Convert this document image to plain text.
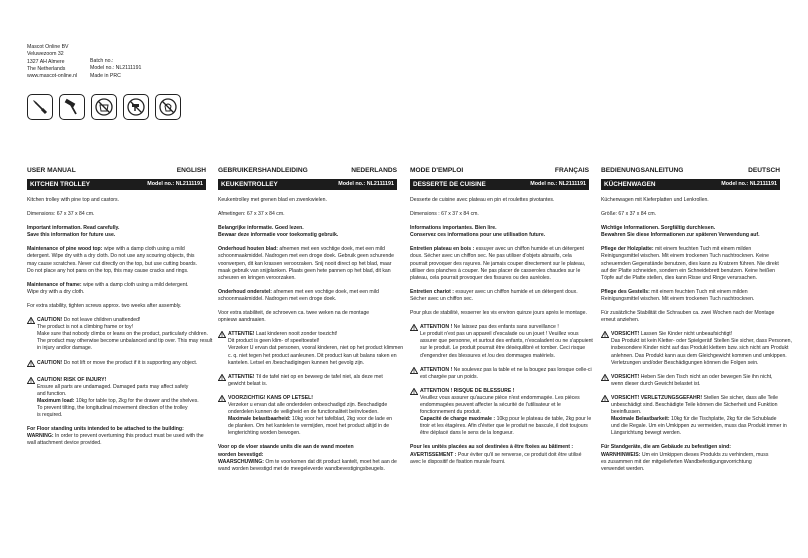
Mascot Online BV
Veluwezoom 32
1327 AH Almere
The Netherlands
www.mascot-online.nl
Batch no.:
Model no.: NL2111191
Made in PRC
USER MANUAL	ENGLISH
KITCHEN TROLLEY	Model no.: NL2111191
Kitchen trolley with pine top and castors.
Dimensions: 67 x 37 x 84 cm.
Important information. Read carefully.
Save this information for future use.
Maintenance of pine wood top: wipe with a damp cloth using a mild
detergent. Wipe dry with a dry cloth. Do not use any scouring objects, this
may cause scratches. Never cut directly on the top, but use cutting boards.
Do not place any hot pans on the top, this may cause cracks and rings.
Maintenance of frame: wipe with a damp cloth using a mild detergent.
Wipe dry with a dry cloth.
For extra stability, tighten screws approx. two weeks after assembly.
CAUTION! Do not leave children unattended!
The product is not a climbing frame or toy!
Make sure that nobody climbs or leans on the product, particularly children.
The product may otherwise become unbalanced and tip over. This may result
in injury and/or damage.
CAUTION! Do not lift or move the product if it is supporting any object.
CAUTION! RISK OF INJURY!
Ensure all parts are undamaged. Damaged parts may affect safety
and function.
Maximum load: 10kg for table top, 2kg for the drawer and the shelves.
To prevent tilting, the longitudinal movement direction of the trolley
is required.
For Floor standing units intended to be attached to the building:
WARNING: In order to prevent overturning this product must be used with the
wall attachment device provided.
GEBRUIKERSHANDLEIDING	NEDERLANDS
KEUKENTROLLEY	Model no.: NL2111191
Keukentrolley met grenen blad en zwenkwielen.
Afmetingen: 67 x 37 x 84 cm.
Belangrijke informatie. Goed lezen.
Bewaar deze informatie voor toekomstig gebruik.
Onderhoud houten blad: afnemen met een vochtige doek, met een mild
schoonmaakmiddel. Nadrogen met een droge doek. Gebruik geen schurende
voorwerpen, dit kan krassen veroorzaken. Snij nooit direct op het blad, maar
maak gebruik van snijplanken. Plaats geen hete pannen op het blad, dit kan
scheuren en kringen veroorzaken.
Onderhoud onderstel: afnemen met een vochtige doek, met een mild
schoonmaakmiddel. Nadrogen met een droge doek.
Voor extra stabiliteit, de schroeven ca. twee weken na de montage
opnieuw aandraaien.
ATTENTIE! Laat kinderen nooit zonder toezicht!
Dit product is geen klim- of speeltoestel!
Verzeker U ervan dat personen, vooral kinderen, niet op het product klimmen
c. q. niet tegen het product aanleunen. Dit product kan uit balans raken en
kantelen. Letsel en /beschadigingen kunnen het gevolg zijn.
ATTENTIE! Til de tafel niet op en beweeg de tafel niet, als deze met
gewicht belast is.
VOORZICHTIG! KANS OP LETSEL!
Verzeker u ervan dat alle onderdelen onbeschadigd zijn. Beschadigde
onderdelen kunnen de veiligheid en de functionaliteit beïnvloeden.
Maximale belastbaarheid: 10kg voor het tafelblad, 2kg voor de lade en
de planken. Om het kantelen te vermijden, moet het product altijd in de
lengterichting worden bewogen.
Voor op de vloer staande units die aan de wand moeten
worden bevestigd:
WAARSCHUWING: Om te voorkomen dat dit product kantelt, moet het aan de
wand worden bevestigd met de meegeleverde wandbevestigingsbeugels.
MODE D'EMPLOI	FRANÇAIS
DESSERTE DE CUISINE	Model no.: NL2111191
Desserte de cuisine avec plateau en pin et roulettes pivotantes.
Dimensions : 67 x 37 x 84 cm.
Informations importantes. Bien lire.
Conservez ces informations pour une utilisation future.
Entretien plateau en bois : essuyer avec un chiffon humide et un détergent
doux. Sécher avec un chiffon sec. Ne pas utiliser d'objets abrasifs, cela
pourrait provoquer des rayures. Ne jamais couper directement sur le plateau,
utiliser des planches à couper. Ne pas placer de casseroles chaudes sur le
plateau, cela pourrait provoquer des fissures ou des auréoles.
Entretien chariot : essuyer avec un chiffon humide et un détergent doux.
Sécher avec un chiffon sec.
Pour plus de stabilité, resserrer les vis environ quinze jours après le montage.
ATTENTION ! Ne laissez pas des enfants sans surveillance !
Le produit n'est pas un appareil d'escalade ou un jouet ! Veuillez vous
assurer que personne, et surtout des enfants, n'escaladent ou ne s'appuient
sur le produit. Le produit pourrait être déséquilibré et tomber. Ceci risque
d'engendrer des blessures et /ou des dommages matériels.
ATTENTION ! Ne soulevez pas la table et ne la bougez pas lorsque celle-ci
est chargée par un poids.
ATTENTION ! RISQUE DE BLESSURE !
Veuillez vous assurer qu'aucune pièce n'est endommagée. Les pièces
endommagées peuvent affecter la sécurité de l'utilisateur et le
fonctionnement du produit.
Capacité de charge maximale : 10kg pour le plateau de table, 2kg pour le
tiroir et les étagères. Afin d'éviter que le produit ne bascule, il doit toujours
être déplacé dans le sens de la longueur.
Pour les unités placées au sol destinées à être fixées au bâtiment :
AVERTISSEMENT : Pour éviter qu'il se renverse, ce produit doit être utilisé
avec le dispositif de fixation murale fourni.
BEDIENUNGSANLEITUNG	DEUTSCH
KÜCHENWAGEN	Model no.: NL2111191
Küchenwagen mit Kieferplatten und Lenkrollen.
Größe: 67 x 37 x 84 cm.
Wichtige Informationen. Sorgfältig durchlesen.
Bewahren Sie diese Informationen zur späteren Verwendung auf.
Pflege der Holzplatte: mit einem feuchten Tuch mit einem milden
Reinigungsmittel wischen. Mit einem trockenen Tuch nachtrocknen. Keine
scheuernden Gegenstände benutzen, dies kann zu Kratzern führen. Nie direkt
auf der Platte schneiden, sondern ein Schneidebrett benutzen. Keine heißen
Töpfe auf die Platte stellen, dies kann Risse und Ringe verursachen.
Pflege des Gestells: mit einem feuchten Tuch mit einem milden
Reinigungsmittel wischen. Mit einem trockenen Tuch nachtrocknen.
Für zusätzliche Stabilität die Schrauben ca. zwei Wochen nach der Montage
erneut anziehen.
VORSICHT! Lassen Sie Kinder nicht unbeaufsichtigt!
Das Produkt ist kein Kletter- oder Spielgerät! Stellen Sie sicher, dass Personen,
insbesondere Kinder nicht auf das Produkt klettern bzw. sich nicht am Produkt
anlehnen. Das Produkt kann aus dem Gleichgewicht kommen und umkippen.
Verletzungen und/oder Beschädigungen können die Folgen sein.
VORSICHT! Heben Sie den Tisch nicht an oder bewegen Sie ihn nicht,
wenn dieser durch Gewicht belastet ist.
VORSICHT! VERLETZUNGSGEFAHR! Stellen Sie sicher, dass alle Teile
unbeschädigt sind. Beschädigte Teile können die Sicherheit und Funktion
beeinflussen.
Maximale Belastbarkeit: 10kg für die Tischplatte, 2kg für die Schublade
und die Regale. Um ein Umkippen zu vermeiden, muss das Produkt immer in
Längsrichtung bewegt werden.
Für Standgeräte, die am Gebäude zu befestigen sind:
WARNHINWEIS: Um ein Umkippen dieses Produkts zu verhindern, muss
es zusammen mit der mitgelieferten Wandbefestigungsvorrichtung
verwendet werden.
